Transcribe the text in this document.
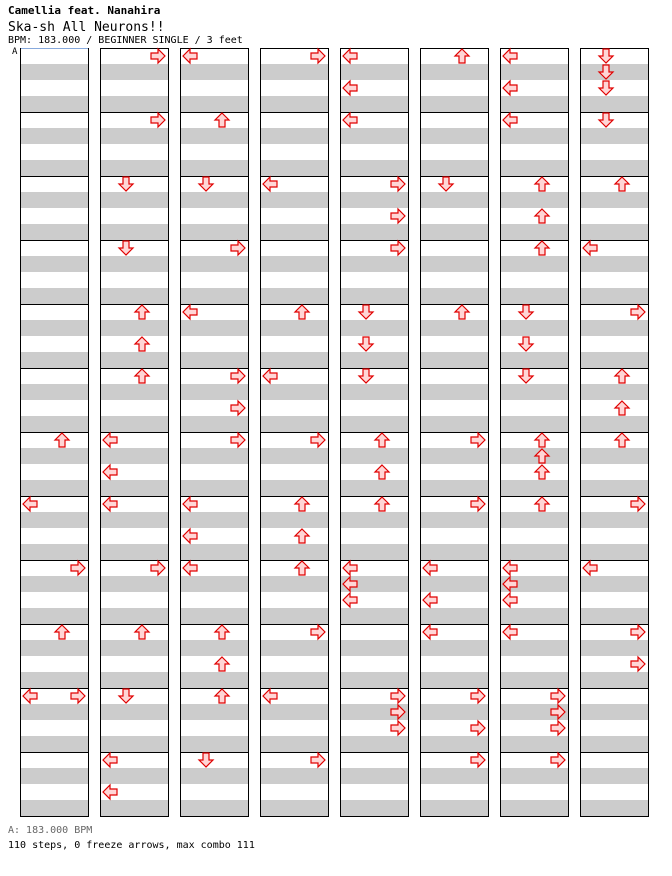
Camellia feat. Nanahira
Ska-sh All Neurons!!
BPM: 183.000 / BEGINNER SINGLE / 3 feet
A
A: 183.000 BPM
110 steps, 0 freeze arrows, max combo 111
